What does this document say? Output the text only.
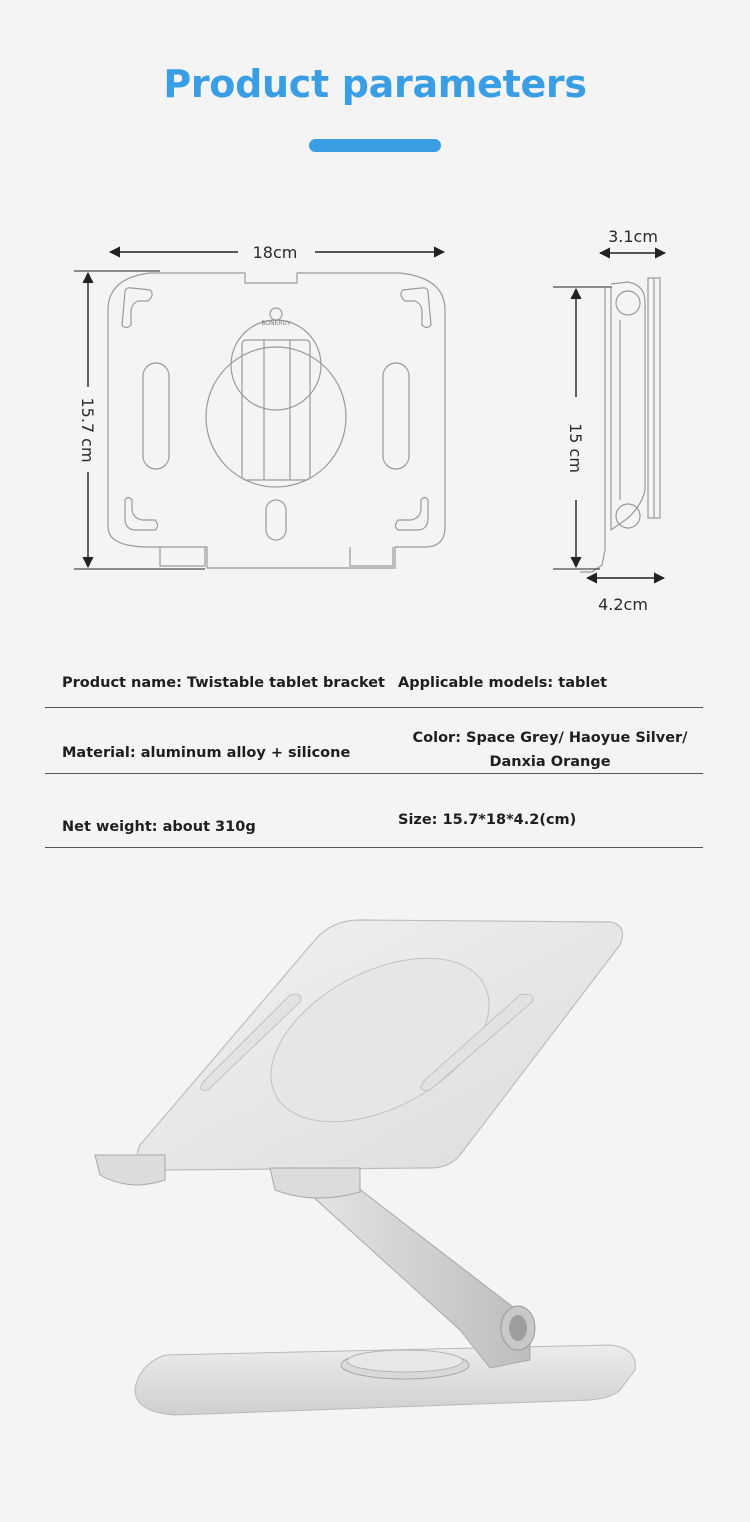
Product parameters
BONERUY
18cm
15.7 cm
3.1cm
15 cm
4.2cm
Product name: Twistable tablet bracket Applicable models: tablet
Material: aluminum alloy + silicone
Color: Space Grey/ Haoyue Silver/
Danxia Orange
Net weight: about 310g	Size: 15.7*18*4.2(cm)
